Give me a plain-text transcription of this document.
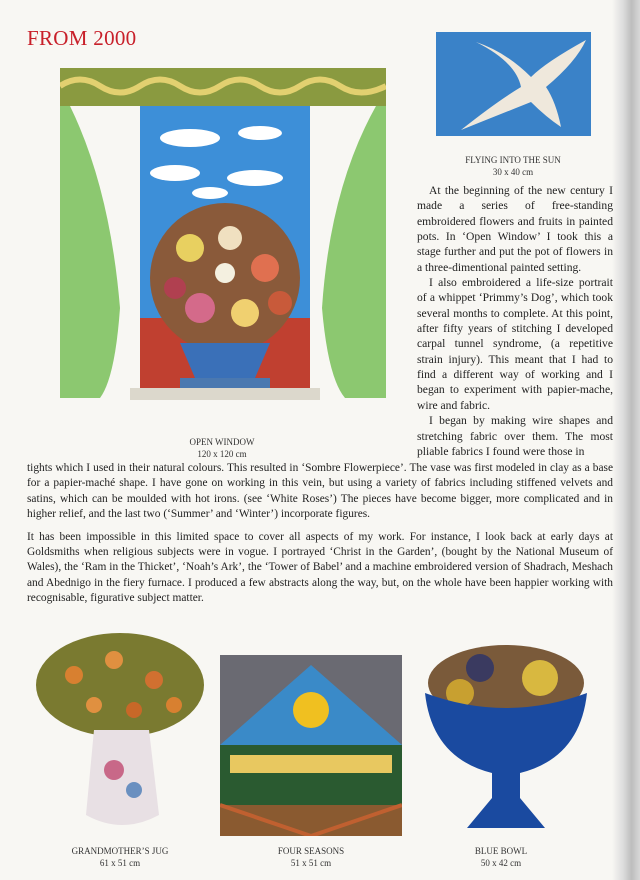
FROM 2000
OPEN WINDOW
120 x 120 cm
FLYING INTO THE SUN
30 x 40 cm

At the beginning of the new century I made a series of free-standing embroidered flowers and fruits in painted pots. In ‘Open Window’ I took this a stage further and put the pot of flowers in a three-dimentional painted setting.

I also embroidered a life-size portrait of a whippet ‘Primmy’s Dog’, which took several months to complete. At this point, after fifty years of stitching I developed carpal tunnel syndrome, (a repetitive strain injury). This meant that I had to find a different way of working and I began to experiment with papier-mache, wire and fabric.

I began by making wire shapes and stretching fabric over them. The most pliable fabrics I found were those in

tights which I used in their natural colours. This resulted in ‘Sombre Flowerpiece’. The vase was first modeled in clay as a base for a papier-maché shape. I have gone on working in this vein, but using a variety of fabrics including stiffened velvets and satins, which can be moulded with hot irons. (see ‘White Roses’) The pieces have become bigger, more complicated and in higher relief, and the last two (‘Summer’ and ‘Winter’) incorporate figures.

It has been impossible in this limited space to cover all aspects of my work. For instance, I look back at early days at Goldsmiths when religious subjects were in vogue. I portrayed ‘Christ in the Garden’, (bought by the National Museum of Wales), the ‘Ram in the Thicket’, ‘Noah’s Ark’, the ‘Tower of Babel’ and a machine embroidered version of Shadrach, Meshach and Abednigo in the fiery furnace. I produced a few abstracts along the way, but, on the whole have been happier working with recognisable, figurative subject matter.

GRANDMOTHER’S JUG
61 x 51 cm
FOUR SEASONS
51 x 51 cm
BLUE BOWL
50 x 42 cm
